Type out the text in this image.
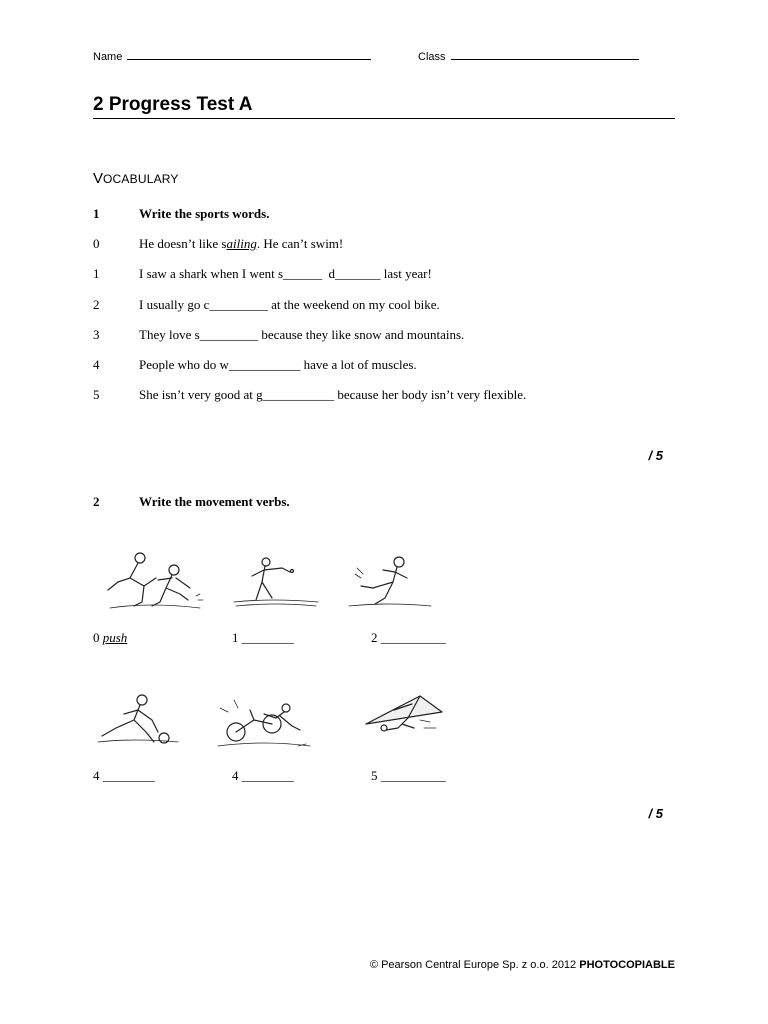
Name	Class
2 Progress Test A
VOCABULARY
1	Write the sports words.
0	He doesn’t like sailing. He can’t swim!
1	I saw a shark when I went s______  d_______ last year!
2	I usually go c_________ at the weekend on my cool bike.
3	They love s_________ because they like snow and mountains.
4	People who do w___________ have a lot of muscles.
5	She isn’t very good at g___________ because her body isn’t very flexible.
/ 5
2	Write the movement verbs.
0 push	1 ________	2 __________
4 ________	4 ________	5 __________
/ 5
© Pearson Central Europe Sp. z o.o. 2012 PHOTOCOPIABLE
